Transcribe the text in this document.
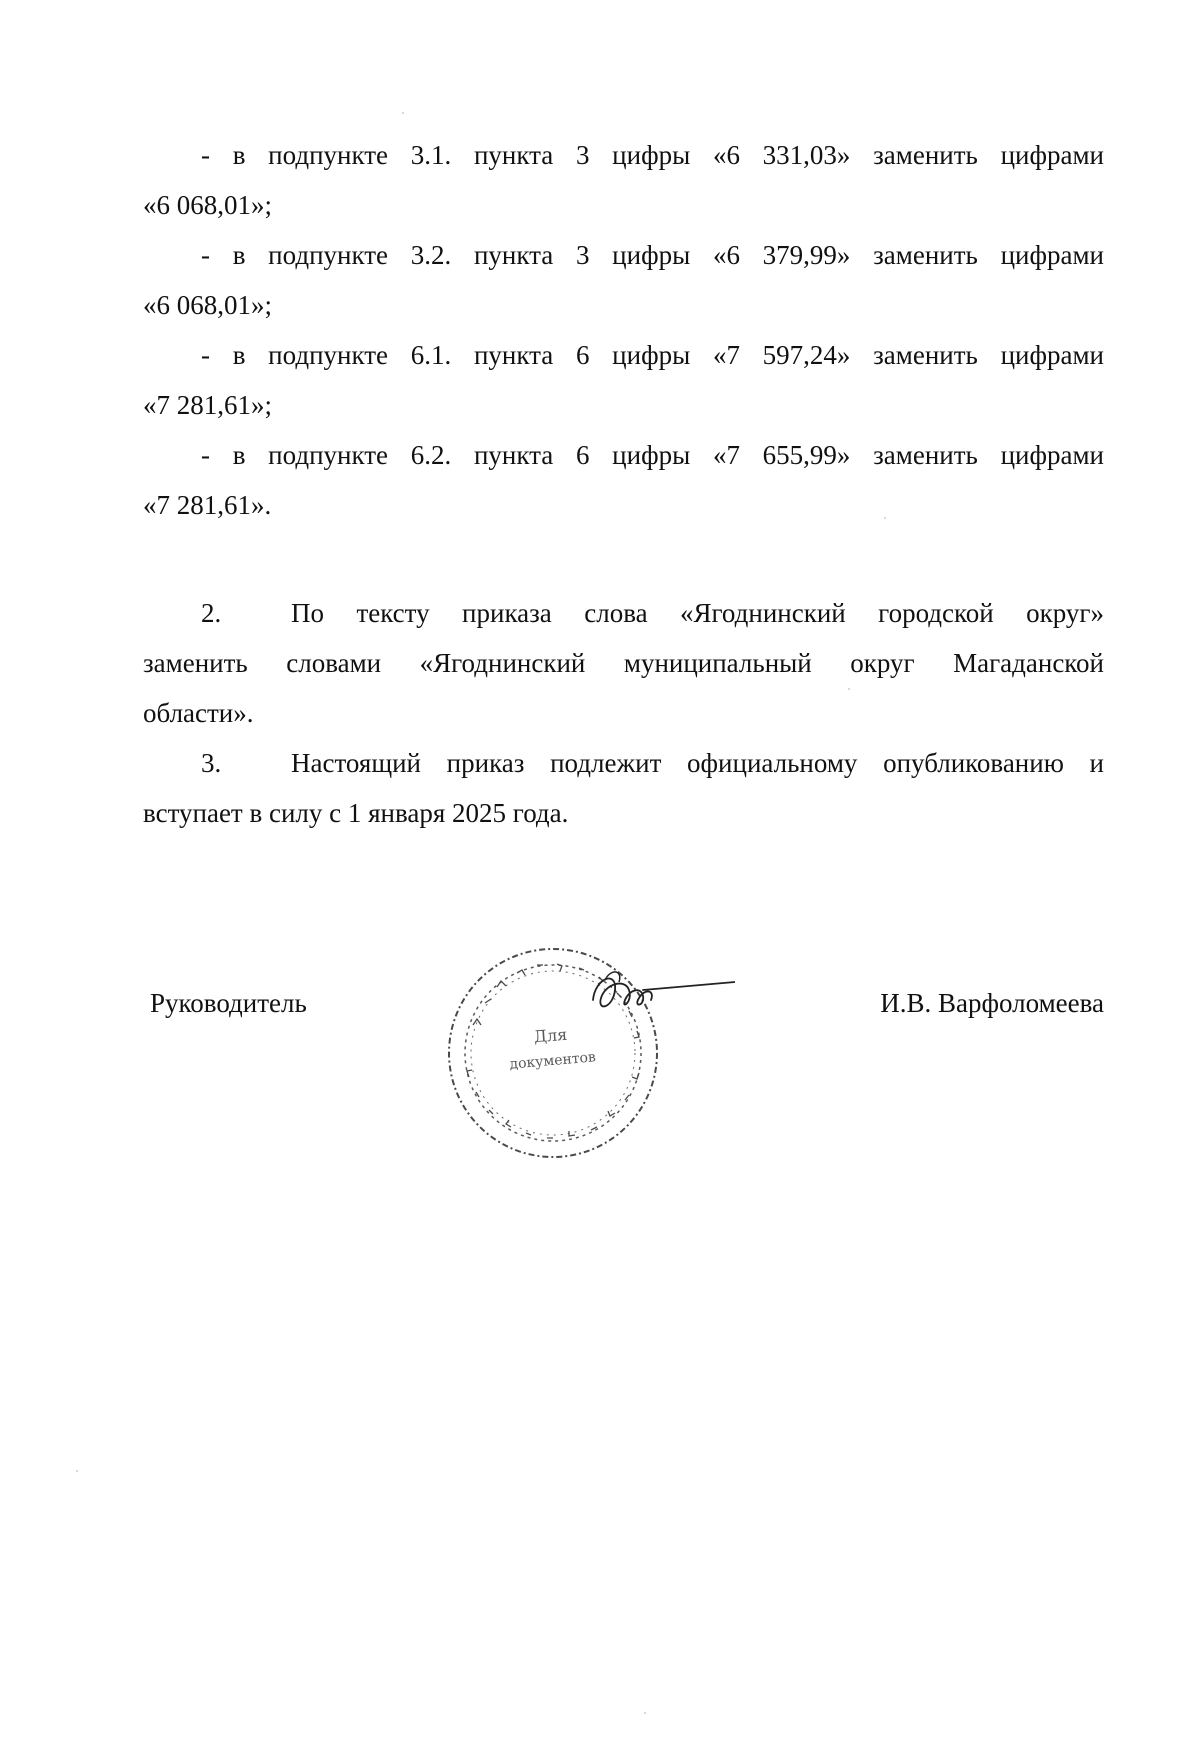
- в подпункте 3.1. пункта 3 цифры «6 331,03» заменить цифрами
«6 068,01»;
- в подпункте 3.2. пункта 3 цифры «6 379,99» заменить цифрами
«6 068,01»;
- в подпункте 6.1. пункта 6 цифры «7 597,24» заменить цифрами
«7 281,61»;
- в подпункте 6.2. пункта 6 цифры «7 655,99» заменить цифрами
«7 281,61».
2.	По тексту приказа слова «Ягоднинский городской округ»
заменить словами «Ягоднинский муниципальный округ Магаданской
области».
3.	Настоящий приказ подлежит официальному опубликованию и
вступает в силу с 1 января 2025 года.
Руководитель	И.В. Варфоломеева
Для
документов
